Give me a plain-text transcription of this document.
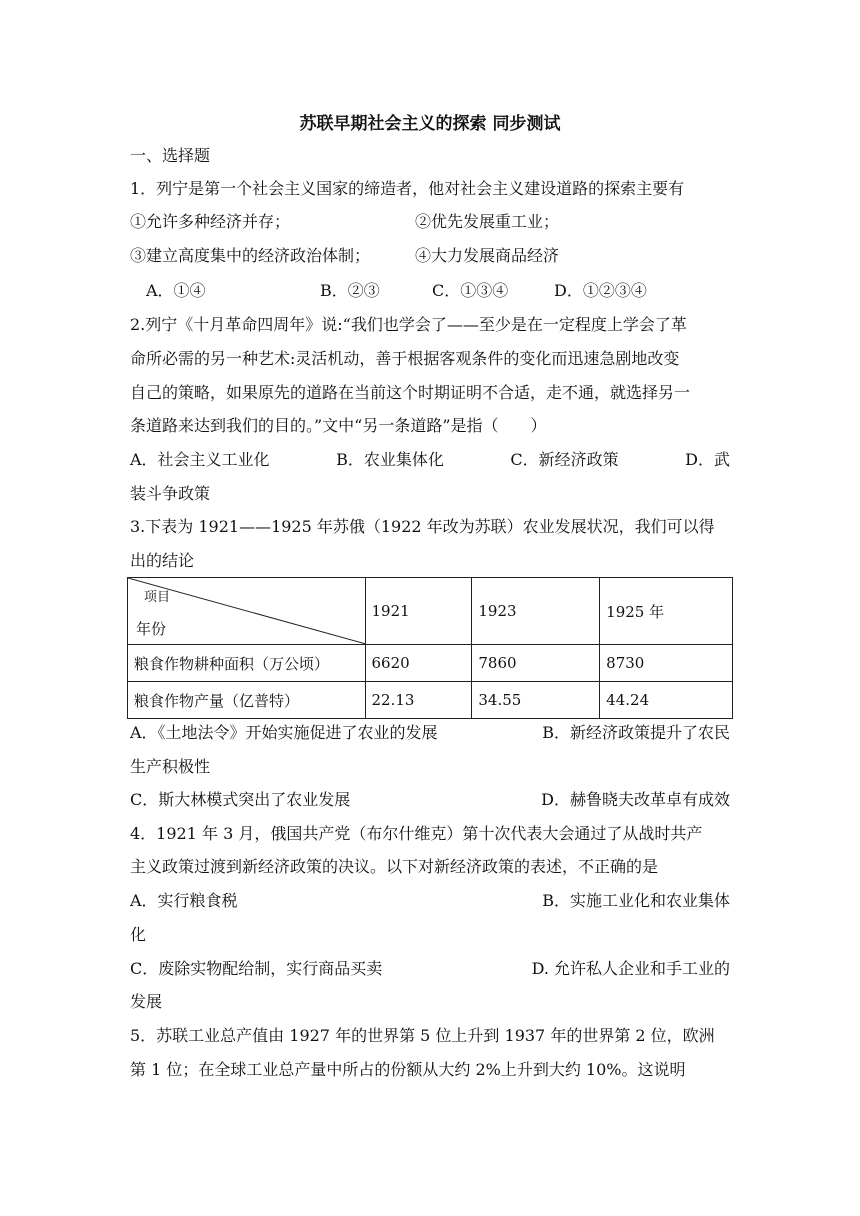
苏联早期社会主义的探索 同步测试
一、选择题
1．列宁是第一个社会主义国家的缔造者，他对社会主义建设道路的探索主要有
①允许多种经济并存；	②优先发展重工业；
③建立高度集中的经济政治体制；	④大力发展商品经济
A．①④	B．②③	C．①③④	D．①②③④
2.列宁《十月革命四周年》说:“我们也学会了——至少是在一定程度上学会了革
命所必需的另一种艺术:灵活机动，善于根据客观条件的变化而迅速急剧地改变
自己的策略，如果原先的道路在当前这个时期证明不合适，走不通，就选择另一
条道路来达到我们的目的。”文中“另一条道路”是指（　　）
A．社会主义工业化	B．农业集体化	C．新经济政策	D．武
装斗争政策
3.下表为 1921——1925 年苏俄（1922 年改为苏联）农业发展状况，我们可以得
出的结论
项目
年份	1921	1923	1925 年
粮食作物耕种面积（万公顷）	6620	7860	8730
粮食作物产量（亿普特）	22.13	34.55	44.24
A．《土地法令》开始实施促进了农业的发展	B．新经济政策提升了农民
生产积极性
C．斯大林模式突出了农业发展	D．赫鲁晓夫改革卓有成效
4．1921 年 3 月，俄国共产党（布尔什维克）第十次代表大会通过了从战时共产
主义政策过渡到新经济政策的决议。以下对新经济政策的表述，不正确的是
A．实行粮食税	B．实施工业化和农业集体
化
C．废除实物配给制，实行商品买卖	D. 允许私人企业和手工业的
发展
5．苏联工业总产值由 1927 年的世界第 5 位上升到 1937 年的世界第 2 位，欧洲
第 1 位；在全球工业总产量中所占的份额从大约 2%上升到大约 10%。这说明
